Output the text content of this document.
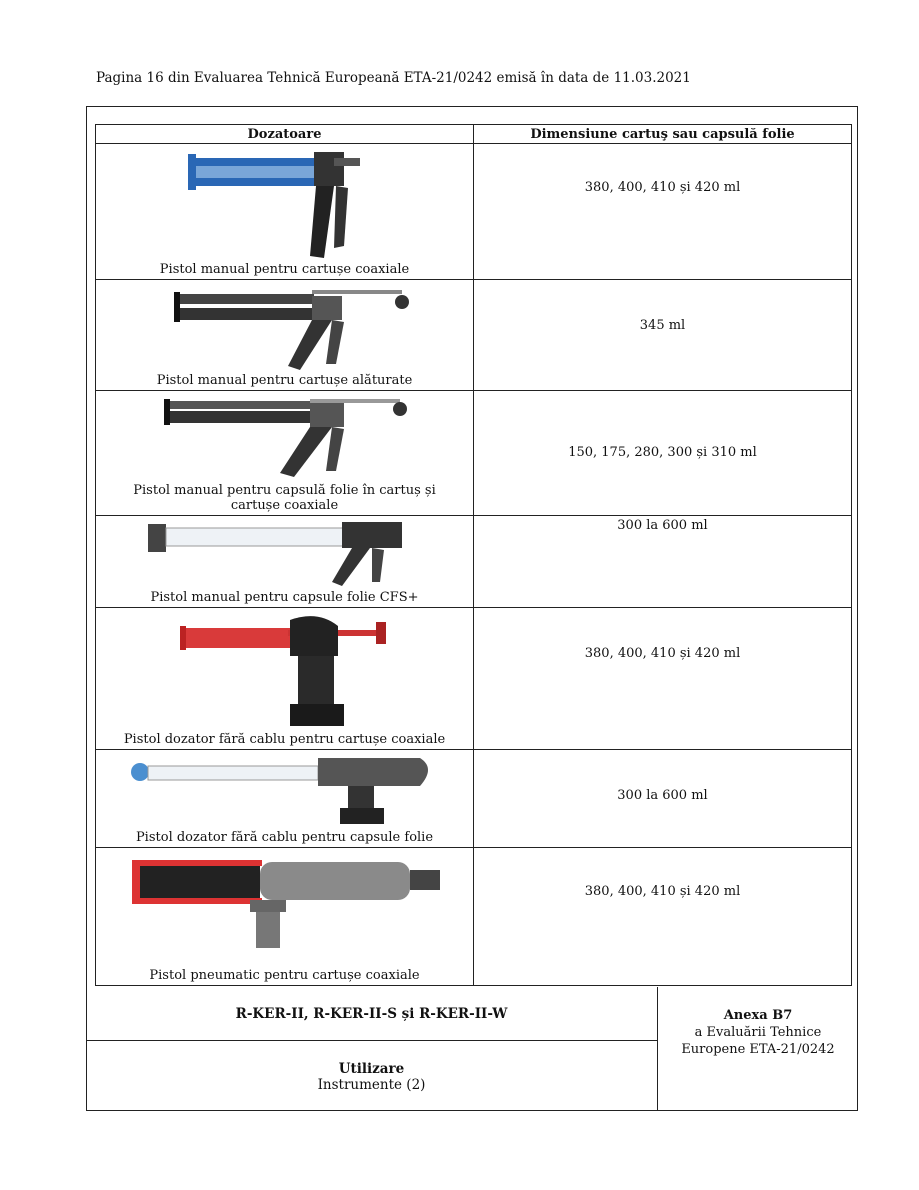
Pagina 16 din Evaluarea Tehnică Europeană ETA-21/0242 emisă în data de 11.03.2021
Dozatoare	Dimensiune cartuş sau capsulă folie

Pistol manual pentru cartușe coaxiale	380, 400, 410 și 420 ml

Pistol manual pentru cartușe alăturate	345 ml

Pistol manual pentru capsulă folie în cartuș și cartușe coaxiale	150, 175, 280, 300 și 310 ml

Pistol manual pentru capsule folie CFS+	300 la 600 ml

Pistol dozator fără cablu pentru cartușe coaxiale	380, 400, 410 și 420 ml

Pistol dozator fără cablu pentru capsule folie	300 la 600 ml

Pistol pneumatic pentru cartușe coaxiale	380, 400, 410 și 420 ml
R-KER-II, R-KER-II-S și R-KER-II-W
Utilizare
Instrumente (2)
Anexa B7
a Evaluării Tehnice
Europene ETA-21/0242
